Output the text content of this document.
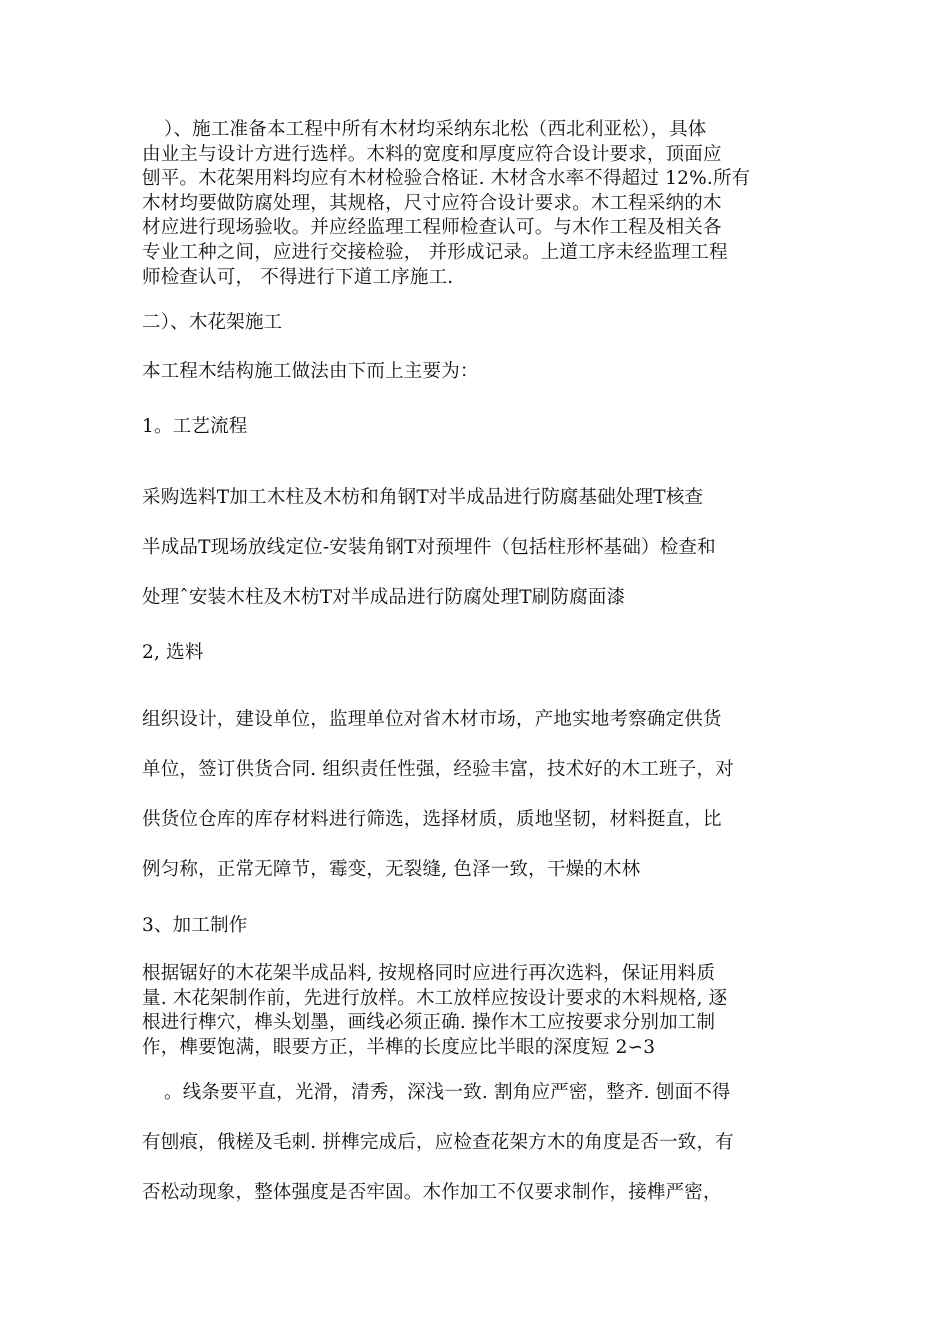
）、施工准备本工程中所有木材均采纳东北松（西北利亚松），具体
由业主与设计方进行选样。木料的宽度和厚度应符合设计要求，顶面应
刨平。木花架用料均应有木材检验合格证. 木材含水率不得超过 12%.所有
木材均要做防腐处理，其规格，尺寸应符合设计要求。木工程采纳的木
材应进行现场验收。并应经监理工程师检查认可。与木作工程及相关各
专业工种之间，应进行交接检验， 并形成记录。上道工序未经监理工程
师检查认可， 不得进行下道工序施工.
二）、木花架施工
本工程木结构施工做法由下而上主要为：
1。工艺流程
采购选料T加工木柱及木枋和角钢T对半成品进行防腐基础处理T核查
半成品T现场放线定位-安装角钢T对预埋件（包括柱形杯基础）检查和
处理ˆ安装木柱及木枋T对半成品进行防腐处理T刷防腐面漆
2, 选料
组织设计，建设单位，监理单位对省木材市场，产地实地考察确定供货
单位，签订供货合同. 组织责任性强，经验丰富，技术好的木工班子，对
供货位仓库的库存材料进行筛选，选择材质，质地坚韧，材料挺直，比
例匀称，正常无障节，霉变，无裂缝, 色泽一致，干燥的木林
3、加工制作
根据锯好的木花架半成品料, 按规格同时应进行再次选料，保证用料质
量. 木花架制作前，先进行放样。木工放样应按设计要求的木料规格, 逐
根进行榫穴，榫头划墨，画线必须正确. 操作木工应按要求分别加工制
作，榫要饱满，眼要方正，半榫的长度应比半眼的深度短 2∽3
。线条要平直，光滑，清秀，深浅一致. 割角应严密，整齐. 刨面不得
有刨痕，俄槎及毛刺. 拼榫完成后，应检查花架方木的角度是否一致，有
否松动现象，整体强度是否牢固。木作加工不仅要求制作，接榫严密，
